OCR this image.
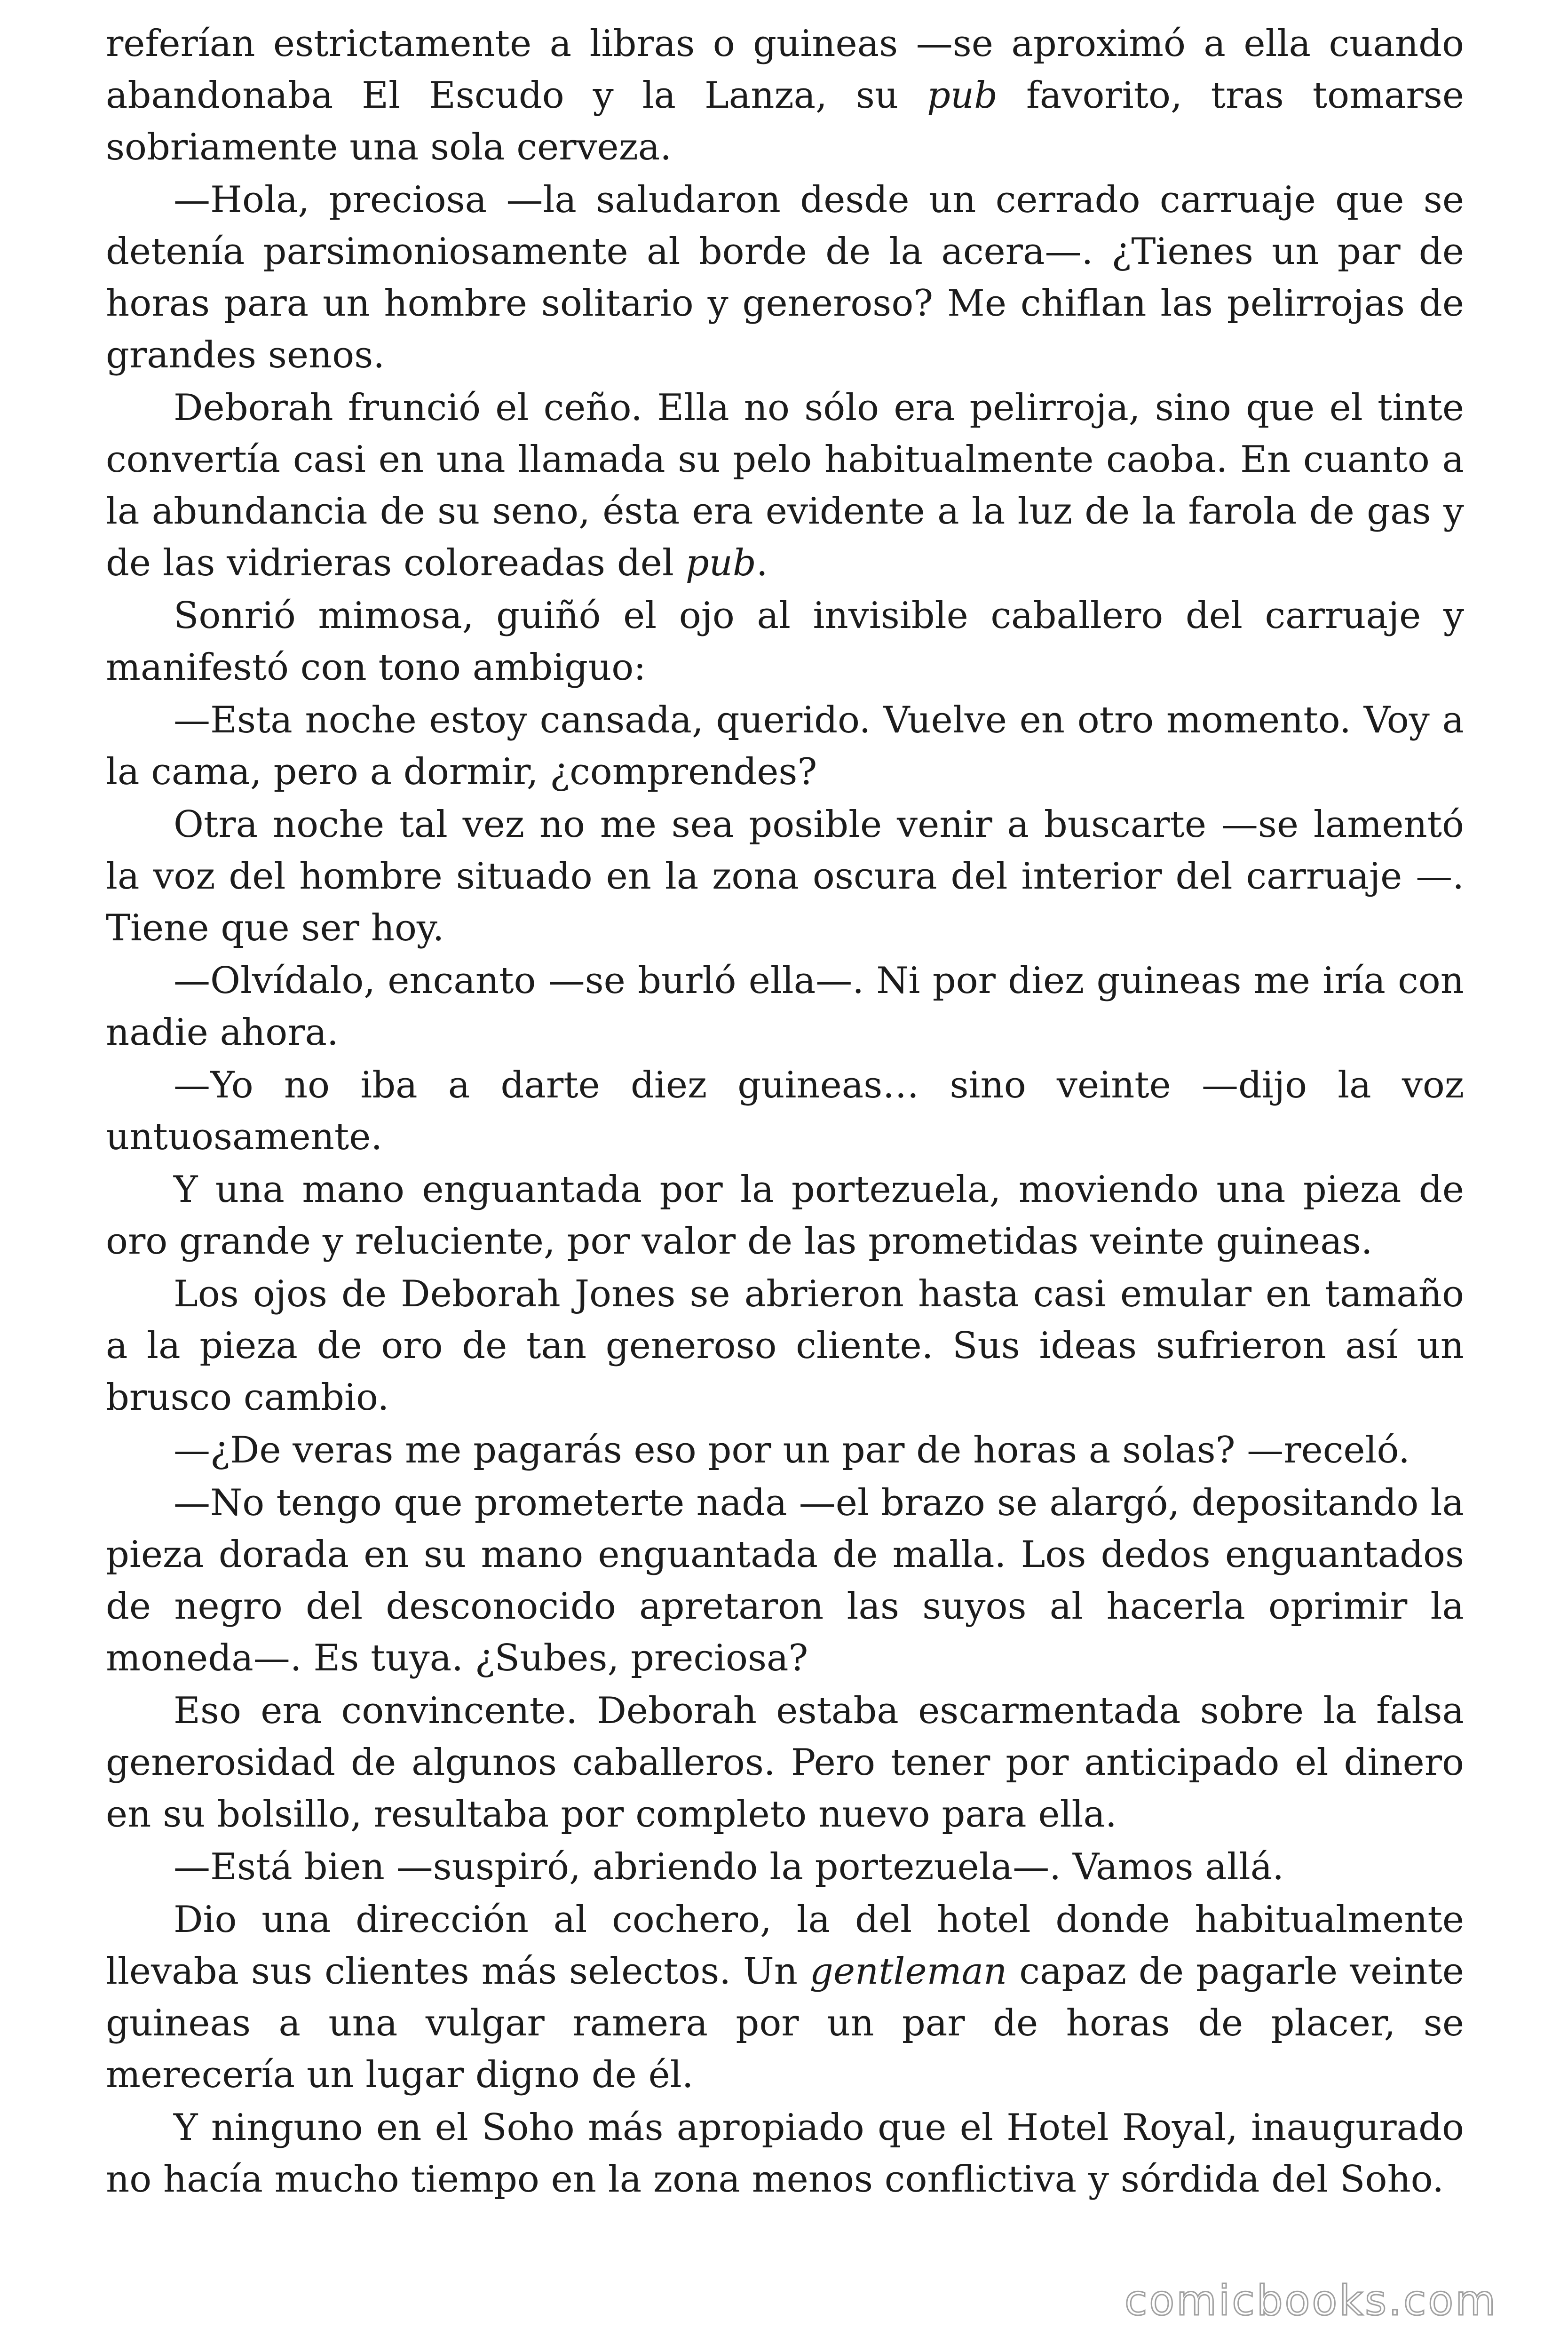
referían estrictamente a libras o guineas —se aproximó a ella cuando abandonaba El Escudo y la Lanza, su pub favorito, tras tomarse sobriamente una sola cerveza.

—Hola, preciosa —la saludaron desde un cerrado carruaje que se detenía parsimoniosamente al borde de la acera—. ¿Tienes un par de horas para un hombre solitario y generoso? Me chiflan las pelirrojas de grandes senos.

Deborah frunció el ceño. Ella no sólo era pelirroja, sino que el tinte convertía casi en una llamada su pelo habitualmente caoba. En cuanto a la abundancia de su seno, ésta era evidente a la luz de la farola de gas y de las vidrieras coloreadas del pub.

Sonrió mimosa, guiñó el ojo al invisible caballero del carruaje y manifestó con tono ambiguo:

—Esta noche estoy cansada, querido. Vuelve en otro momento. Voy a la cama, pero a dormir, ¿comprendes?

Otra noche tal vez no me sea posible venir a buscarte —se lamentó la voz del hombre situado en la zona oscura del interior del carruaje —. Tiene que ser hoy.

—Olvídalo, encanto —se burló ella—. Ni por diez guineas me iría con nadie ahora.

—Yo no iba a darte diez guineas… sino veinte —dijo la voz untuosamente.

Y una mano enguantada por la portezuela, moviendo una pieza de oro grande y reluciente, por valor de las prometidas veinte guineas.

Los ojos de Deborah Jones se abrieron hasta casi emular en tamaño a la pieza de oro de tan generoso cliente. Sus ideas sufrieron así un brusco cambio.

—¿De veras me pagarás eso por un par de horas a solas? —receló.

—No tengo que prometerte nada —el brazo se alargó, depositando la pieza dorada en su mano enguantada de malla. Los dedos enguantados de negro del desconocido apretaron las suyos al hacerla oprimir la moneda—. Es tuya. ¿Subes, preciosa?

Eso era convincente. Deborah estaba escarmentada sobre la falsa generosidad de algunos caballeros. Pero tener por anticipado el dinero en su bolsillo, resultaba por completo nuevo para ella.

—Está bien —suspiró, abriendo la portezuela—. Vamos allá.

Dio una dirección al cochero, la del hotel donde habitualmente llevaba sus clientes más selectos. Un gentleman capaz de pagarle veinte guineas a una vulgar ramera por un par de horas de placer, se merecería un lugar digno de él.

Y ninguno en el Soho más apropiado que el Hotel Royal, inaugurado no hacía mucho tiempo en la zona menos conflictiva y sórdida del Soho.

comicbooks.com
